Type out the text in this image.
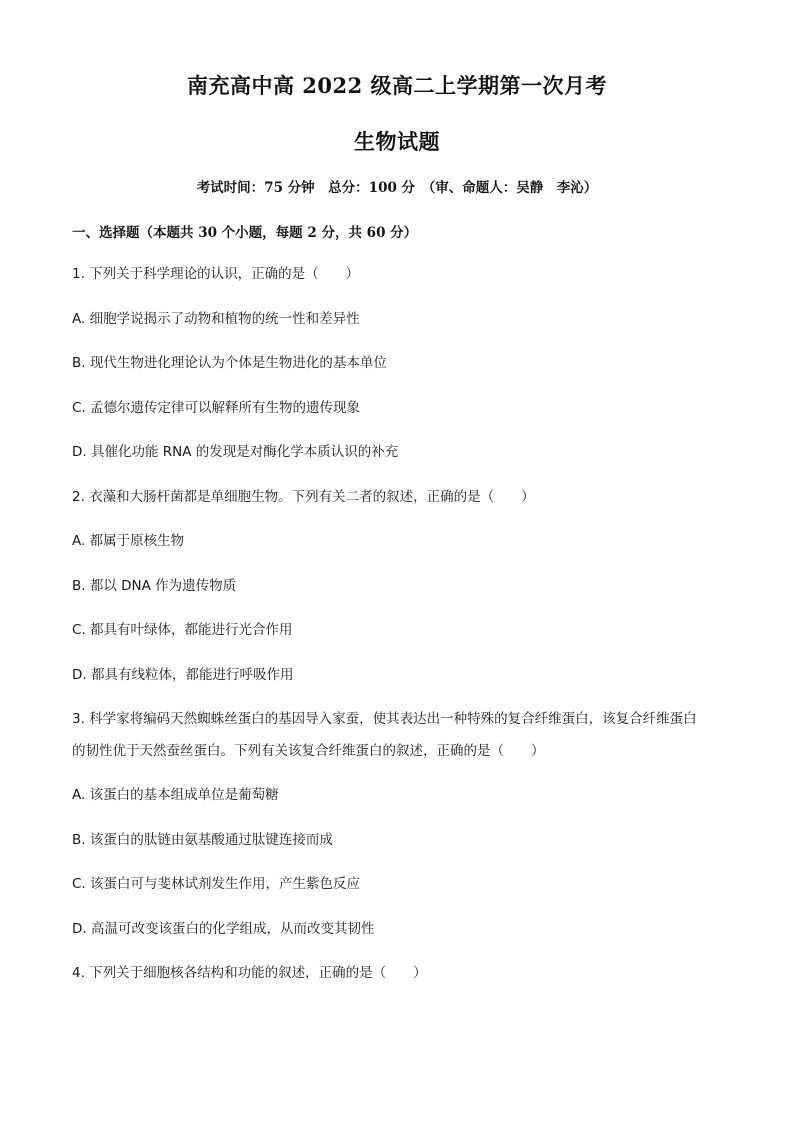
南充高中高 2022 级高二上学期第一次月考
生物试题
考试时间：75 分钟　总分：100 分　（审、命题人：吴静　李沁）
一、选择题（本题共 30 个小题，每题 2 分，共 60 分）
1. 下列关于科学理论的认识，正确的是（　　）
A. 细胞学说揭示了动物和植物的统一性和差异性
B. 现代生物进化理论认为个体是生物进化的基本单位
C. 孟德尔遗传定律可以解释所有生物的遗传现象
D. 具催化功能 RNA 的发现是对酶化学本质认识的补充
2. 衣藻和大肠杆菌都是单细胞生物。下列有关二者的叙述，正确的是（　　）
A. 都属于原核生物
B. 都以 DNA 作为遗传物质
C. 都具有叶绿体，都能进行光合作用
D. 都具有线粒体，都能进行呼吸作用
3. 科学家将编码天然蜘蛛丝蛋白的基因导入家蚕，使其表达出一种特殊的复合纤维蛋白，该复合纤维蛋白
的韧性优于天然蚕丝蛋白。下列有关该复合纤维蛋白的叙述，正确的是（　　）
A. 该蛋白的基本组成单位是葡萄糖
B. 该蛋白的肽链由氨基酸通过肽键连接而成
C. 该蛋白可与斐林试剂发生作用，产生紫色反应
D. 高温可改变该蛋白的化学组成，从而改变其韧性
4. 下列关于细胞核各结构和功能的叙述，正确的是（　　）
